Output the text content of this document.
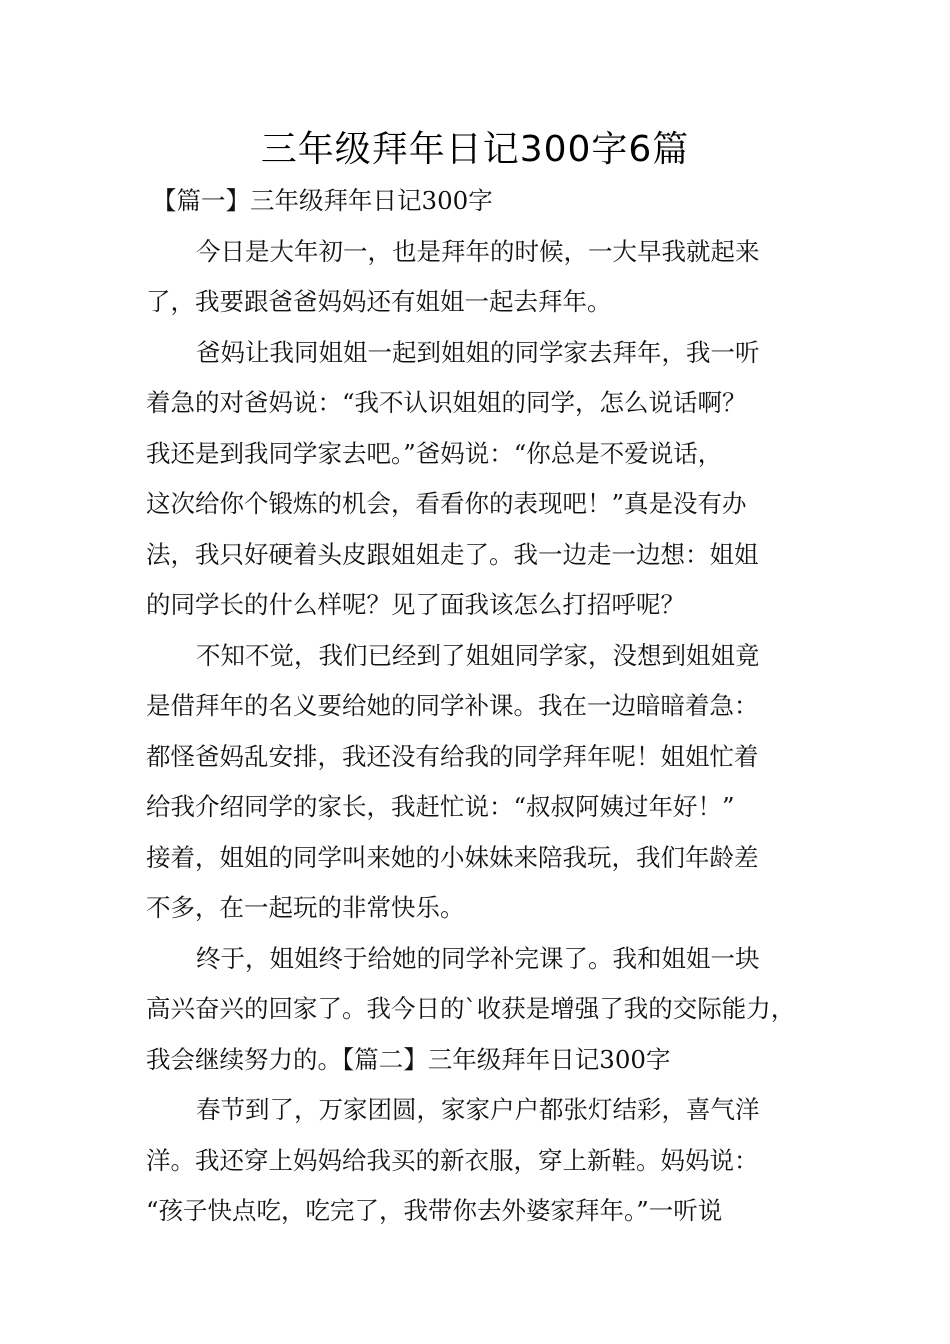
三年级拜年日记300字6篇
【篇一】三年级拜年日记300字
今日是大年初一，也是拜年的时候，一大早我就起来
了，我要跟爸爸妈妈还有姐姐一起去拜年。
爸妈让我同姐姐一起到姐姐的同学家去拜年，我一听
着急的对爸妈说：“我不认识姐姐的同学，怎么说话啊？
我还是到我同学家去吧。”爸妈说：“你总是不爱说话，
这次给你个锻炼的机会，看看你的表现吧！”真是没有办
法，我只好硬着头皮跟姐姐走了。我一边走一边想：姐姐
的同学长的什么样呢？见了面我该怎么打招呼呢？
不知不觉，我们已经到了姐姐同学家，没想到姐姐竟
是借拜年的名义要给她的同学补课。我在一边暗暗着急：
都怪爸妈乱安排，我还没有给我的同学拜年呢！姐姐忙着
给我介绍同学的家长，我赶忙说：“叔叔阿姨过年好！”
接着，姐姐的同学叫来她的小妹妹来陪我玩，我们年龄差
不多，在一起玩的非常快乐。
终于，姐姐终于给她的同学补完课了。我和姐姐一块
高兴奋兴的回家了。我今日的`收获是增强了我的交际能力，
我会继续努力的。【篇二】三年级拜年日记300字
春节到了，万家团圆，家家户户都张灯结彩，喜气洋
洋。我还穿上妈妈给我买的新衣服，穿上新鞋。妈妈说：
“孩子快点吃，吃完了，我带你去外婆家拜年。”一听说
